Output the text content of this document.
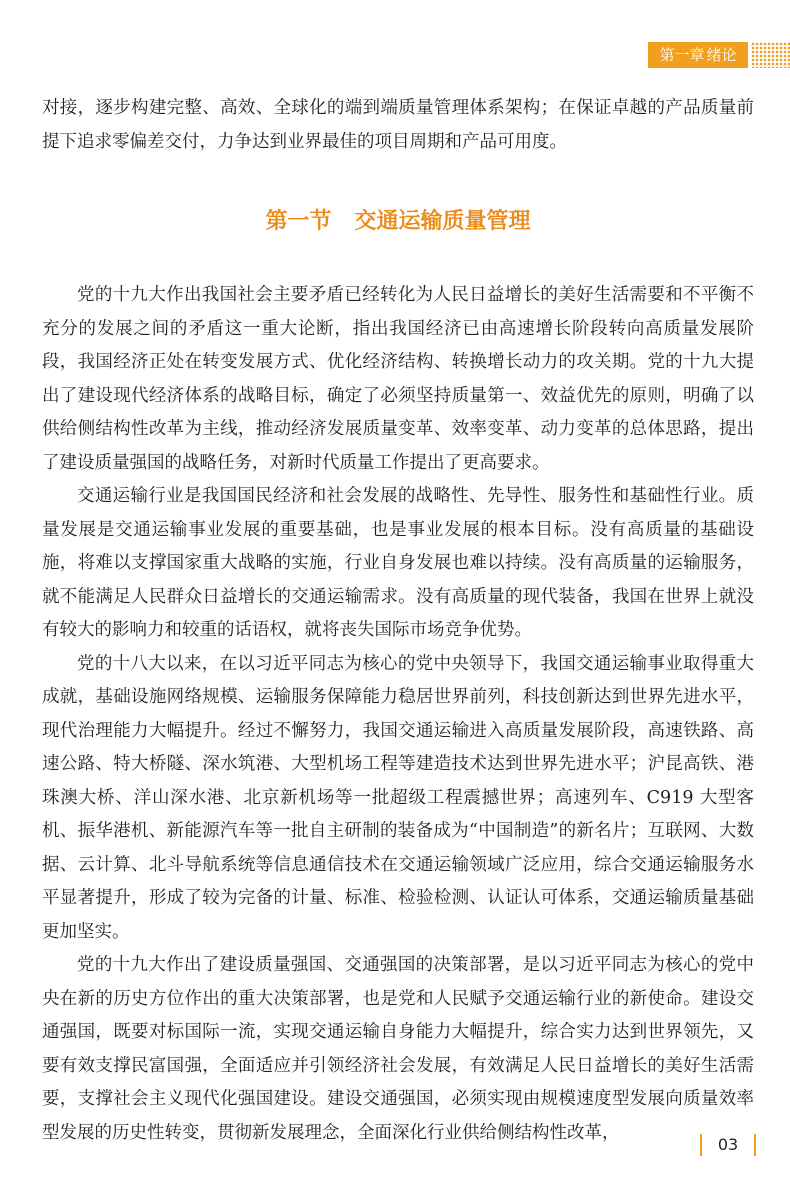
第一章 绪论

对接，逐步构建完整、高效、全球化的端到端质量管理体系架构；在保证卓越的产品质量前提下追求零偏差交付，力争达到业界最佳的项目周期和产品可用度。

第一节 交通运输质量管理

党的十九大作出我国社会主要矛盾已经转化为人民日益增长的美好生活需要和不平衡不充分的发展之间的矛盾这一重大论断，指出我国经济已由高速增长阶段转向高质量发展阶段，我国经济正处在转变发展方式、优化经济结构、转换增长动力的攻关期。党的十九大提出了建设现代经济体系的战略目标，确定了必须坚持质量第一、效益优先的原则，明确了以供给侧结构性改革为主线，推动经济发展质量变革、效率变革、动力变革的总体思路，提出了建设质量强国的战略任务，对新时代质量工作提出了更高要求。

交通运输行业是我国国民经济和社会发展的战略性、先导性、服务性和基础性行业。质量发展是交通运输事业发展的重要基础，也是事业发展的根本目标。没有高质量的基础设施，将难以支撑国家重大战略的实施，行业自身发展也难以持续。没有高质量的运输服务，就不能满足人民群众日益增长的交通运输需求。没有高质量的现代装备，我国在世界上就没有较大的影响力和较重的话语权，就将丧失国际市场竞争优势。

党的十八大以来，在以习近平同志为核心的党中央领导下，我国交通运输事业取得重大成就，基础设施网络规模、运输服务保障能力稳居世界前列，科技创新达到世界先进水平，现代治理能力大幅提升。经过不懈努力，我国交通运输进入高质量发展阶段，高速铁路、高速公路、特大桥隧、深水筑港、大型机场工程等建造技术达到世界先进水平；沪昆高铁、港珠澳大桥、洋山深水港、北京新机场等一批超级工程震撼世界；高速列车、C919 大型客机、振华港机、新能源汽车等一批自主研制的装备成为“中国制造”的新名片；互联网、大数据、云计算、北斗导航系统等信息通信技术在交通运输领域广泛应用，综合交通运输服务水平显著提升，形成了较为完备的计量、标准、检验检测、认证认可体系，交通运输质量基础更加坚实。

党的十九大作出了建设质量强国、交通强国的决策部署，是以习近平同志为核心的党中央在新的历史方位作出的重大决策部署，也是党和人民赋予交通运输行业的新使命。建设交通强国，既要对标国际一流，实现交通运输自身能力大幅提升，综合实力达到世界领先，又要有效支撑民富国强，全面适应并引领经济社会发展，有效满足人民日益增长的美好生活需要，支撑社会主义现代化强国建设。建设交通强国，必须实现由规模速度型发展向质量效率型发展的历史性转变，贯彻新发展理念，全面深化行业供给侧结构性改革，

03
